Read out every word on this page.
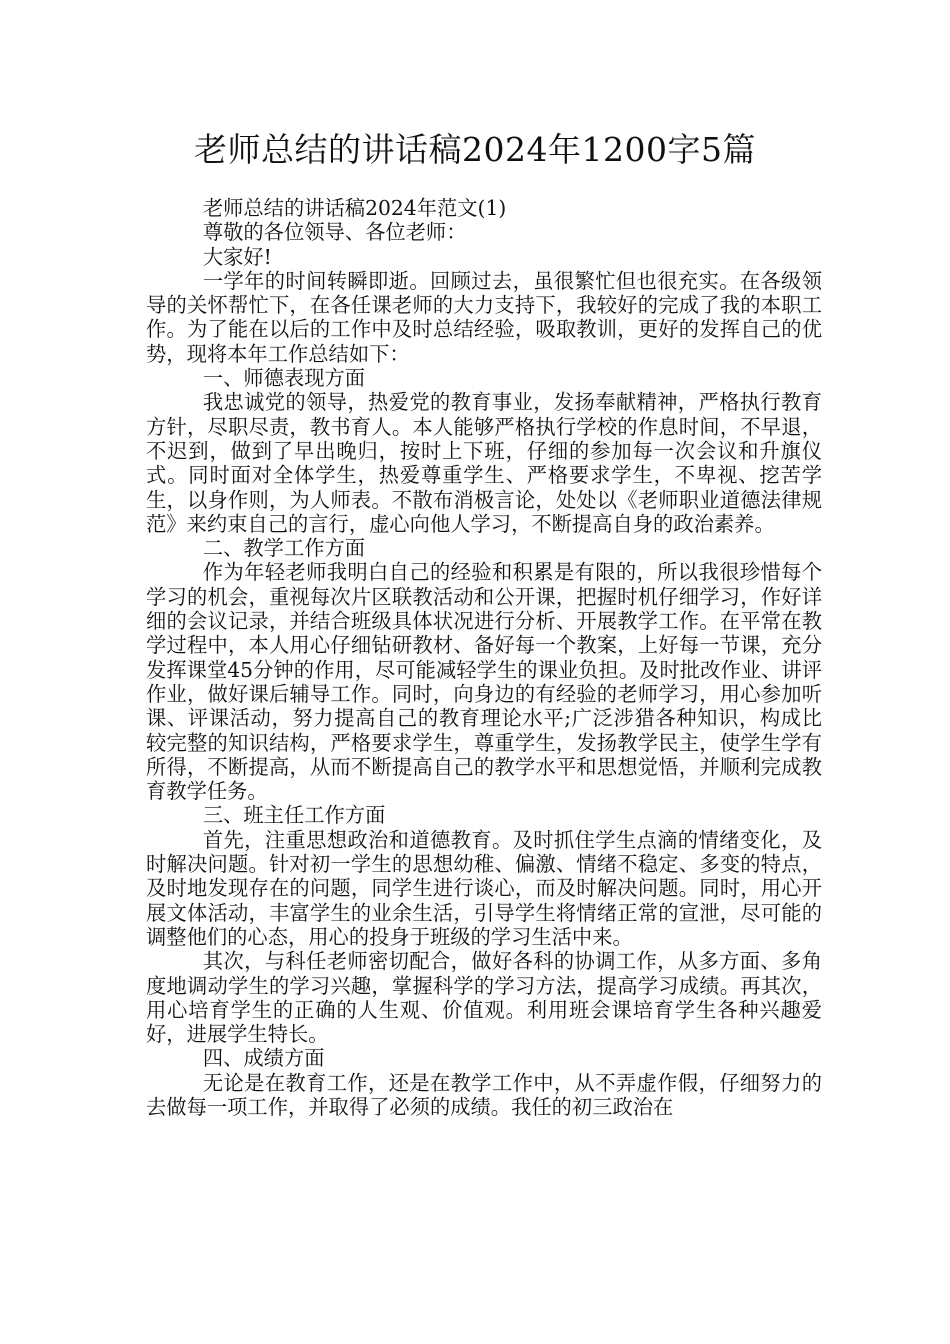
老师总结的讲话稿2024年1200字5篇

老师总结的讲话稿2024年范文(1)

尊敬的各位领导、各位老师：

大家好!

一学年的时间转瞬即逝。回顾过去，虽很繁忙但也很充实。在各级领导的关怀帮忙下，在各任课老师的大力支持下，我较好的完成了我的本职工作。为了能在以后的工作中及时总结经验，吸取教训，更好的发挥自己的优势，现将本年工作总结如下：

一、师德表现方面

我忠诚党的领导，热爱党的教育事业，发扬奉献精神，严格执行教育方针，尽职尽责，教书育人。本人能够严格执行学校的作息时间，不早退，不迟到，做到了早出晚归，按时上下班，仔细的参加每一次会议和升旗仪式。同时面对全体学生，热爱尊重学生、严格要求学生，不卑视、挖苦学生，以身作则，为人师表。不散布消极言论，处处以《老师职业道德法律规范》来约束自己的言行，虚心向他人学习，不断提高自身的政治素养。

二、教学工作方面

作为年轻老师我明白自己的经验和积累是有限的，所以我很珍惜每个学习的机会，重视每次片区联教活动和公开课，把握时机仔细学习，作好详细的会议记录，并结合班级具体状况进行分析、开展教学工作。在平常在教学过程中，本人用心仔细钻研教材、备好每一个教案，上好每一节课，充分发挥课堂45分钟的作用，尽可能减轻学生的课业负担。及时批改作业、讲评作业，做好课后辅导工作。同时，向身边的有经验的老师学习，用心参加听课、评课活动，努力提高自己的教育理论水平;广泛涉猎各种知识，构成比较完整的知识结构，严格要求学生，尊重学生，发扬教学民主，使学生学有所得，不断提高，从而不断提高自己的教学水平和思想觉悟，并顺利完成教育教学任务。

三、班主任工作方面

首先，注重思想政治和道德教育。及时抓住学生点滴的情绪变化，及时解决问题。针对初一学生的思想幼稚、偏激、情绪不稳定、多变的特点，及时地发现存在的问题，同学生进行谈心，而及时解决问题。同时，用心开展文体活动，丰富学生的业余生活，引导学生将情绪正常的宣泄，尽可能的调整他们的心态，用心的投身于班级的学习生活中来。

其次，与科任老师密切配合，做好各科的协调工作，从多方面、多角度地调动学生的学习兴趣，掌握科学的学习方法，提高学习成绩。再其次，用心培育学生的正确的人生观、价值观。利用班会课培育学生各种兴趣爱好，进展学生特长。

四、成绩方面

无论是在教育工作，还是在教学工作中，从不弄虚作假，仔细努力的去做每一项工作，并取得了必须的成绩。我任的初三政治在
